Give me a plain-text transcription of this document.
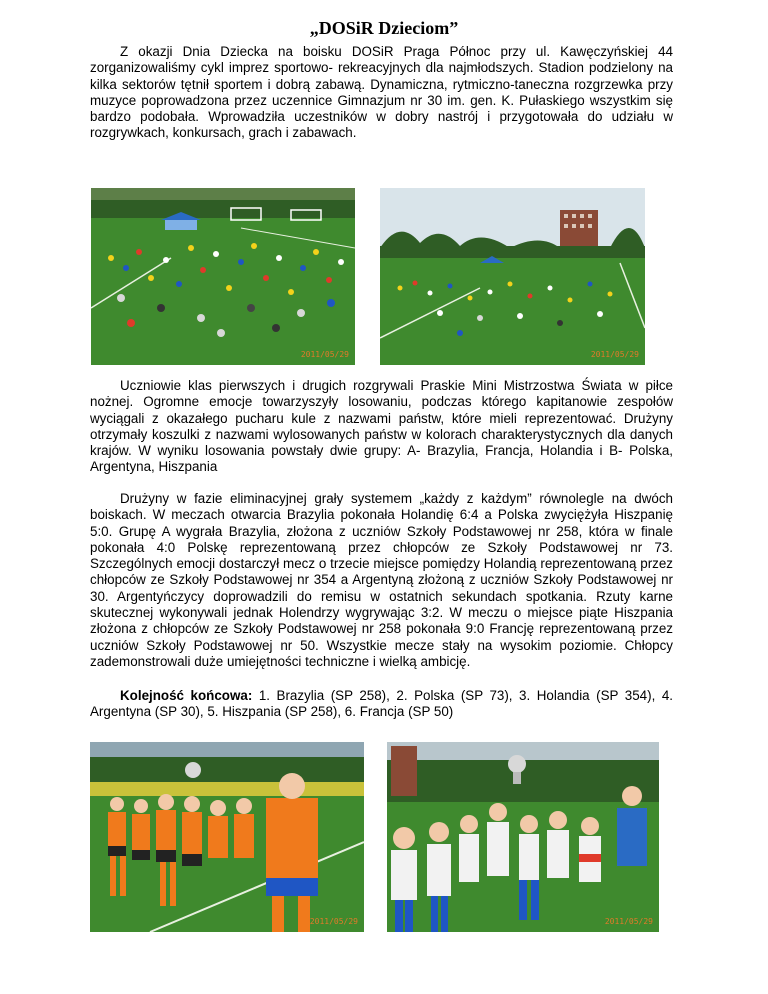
„DOSiR Dzieciom”

Z okazji Dnia Dziecka na boisku DOSiR Praga Północ przy ul. Kawęczyńskiej 44 zorganizowaliśmy cykl imprez sportowo- rekreacyjnych dla najmłodszych. Stadion podzielony na kilka sektorów tętnił sportem i dobrą zabawą. Dynamiczna, rytmiczno-taneczna rozgrzewka przy muzyce poprowadzona przez uczennice Gimnazjum nr 30 im. gen. K. Pułaskiego wszystkim się bardzo podobała. Wprowadziła uczestników w dobry nastrój i przygotowała do udziału w rozgrywkach, konkursach, grach i zabawach.

2011/05/29	2011/05/29

Uczniowie klas pierwszych i drugich rozgrywali Praskie Mini Mistrzostwa Świata w piłce nożnej. Ogromne emocje towarzyszyły losowaniu, podczas którego kapitanowie zespołów wyciągali z okazałego pucharu kule z nazwami państw, które mieli reprezentować. Drużyny otrzymały koszulki z nazwami wylosowanych państw w kolorach charakterystycznych dla danych krajów. W wyniku losowania powstały dwie grupy: A- Brazylia, Francja, Holandia i B- Polska, Argentyna, Hiszpania

Drużyny w fazie eliminacyjnej grały systemem „każdy z każdym” równolegle na dwóch boiskach. W meczach otwarcia Brazylia pokonała Holandię 6:4 a Polska zwyciężyła Hiszpanię 5:0. Grupę A wygrała Brazylia, złożona z uczniów Szkoły Podstawowej nr 258, która w finale pokonała 4:0 Polskę reprezentowaną przez chłopców ze Szkoły Podstawowej nr 73. Szczególnych emocji dostarczył mecz o trzecie miejsce pomiędzy Holandią reprezentowaną przez chłopców ze Szkoły Podstawowej nr 354 a Argentyną złożoną z uczniów Szkoły Podstawowej nr 30. Argentyńczycy doprowadzili do remisu w ostatnich sekundach spotkania. Rzuty karne skutecznej wykonywali jednak Holendrzy wygrywając 3:2. W meczu o miejsce piąte Hiszpania złożona z chłopców ze Szkoły Podstawowej nr 258 pokonała 9:0 Francję reprezentowaną przez uczniów Szkoły Podstawowej nr 50. Wszystkie mecze stały na wysokim poziomie. Chłopcy zademonstrowali duże umiejętności techniczne i wielką ambicję.

Kolejność końcowa: 1. Brazylia (SP 258), 2. Polska (SP 73), 3. Holandia (SP 354), 4. Argentyna (SP 30), 5. Hiszpania (SP 258), 6. Francja (SP 50)

2011/05/29	2011/05/29
